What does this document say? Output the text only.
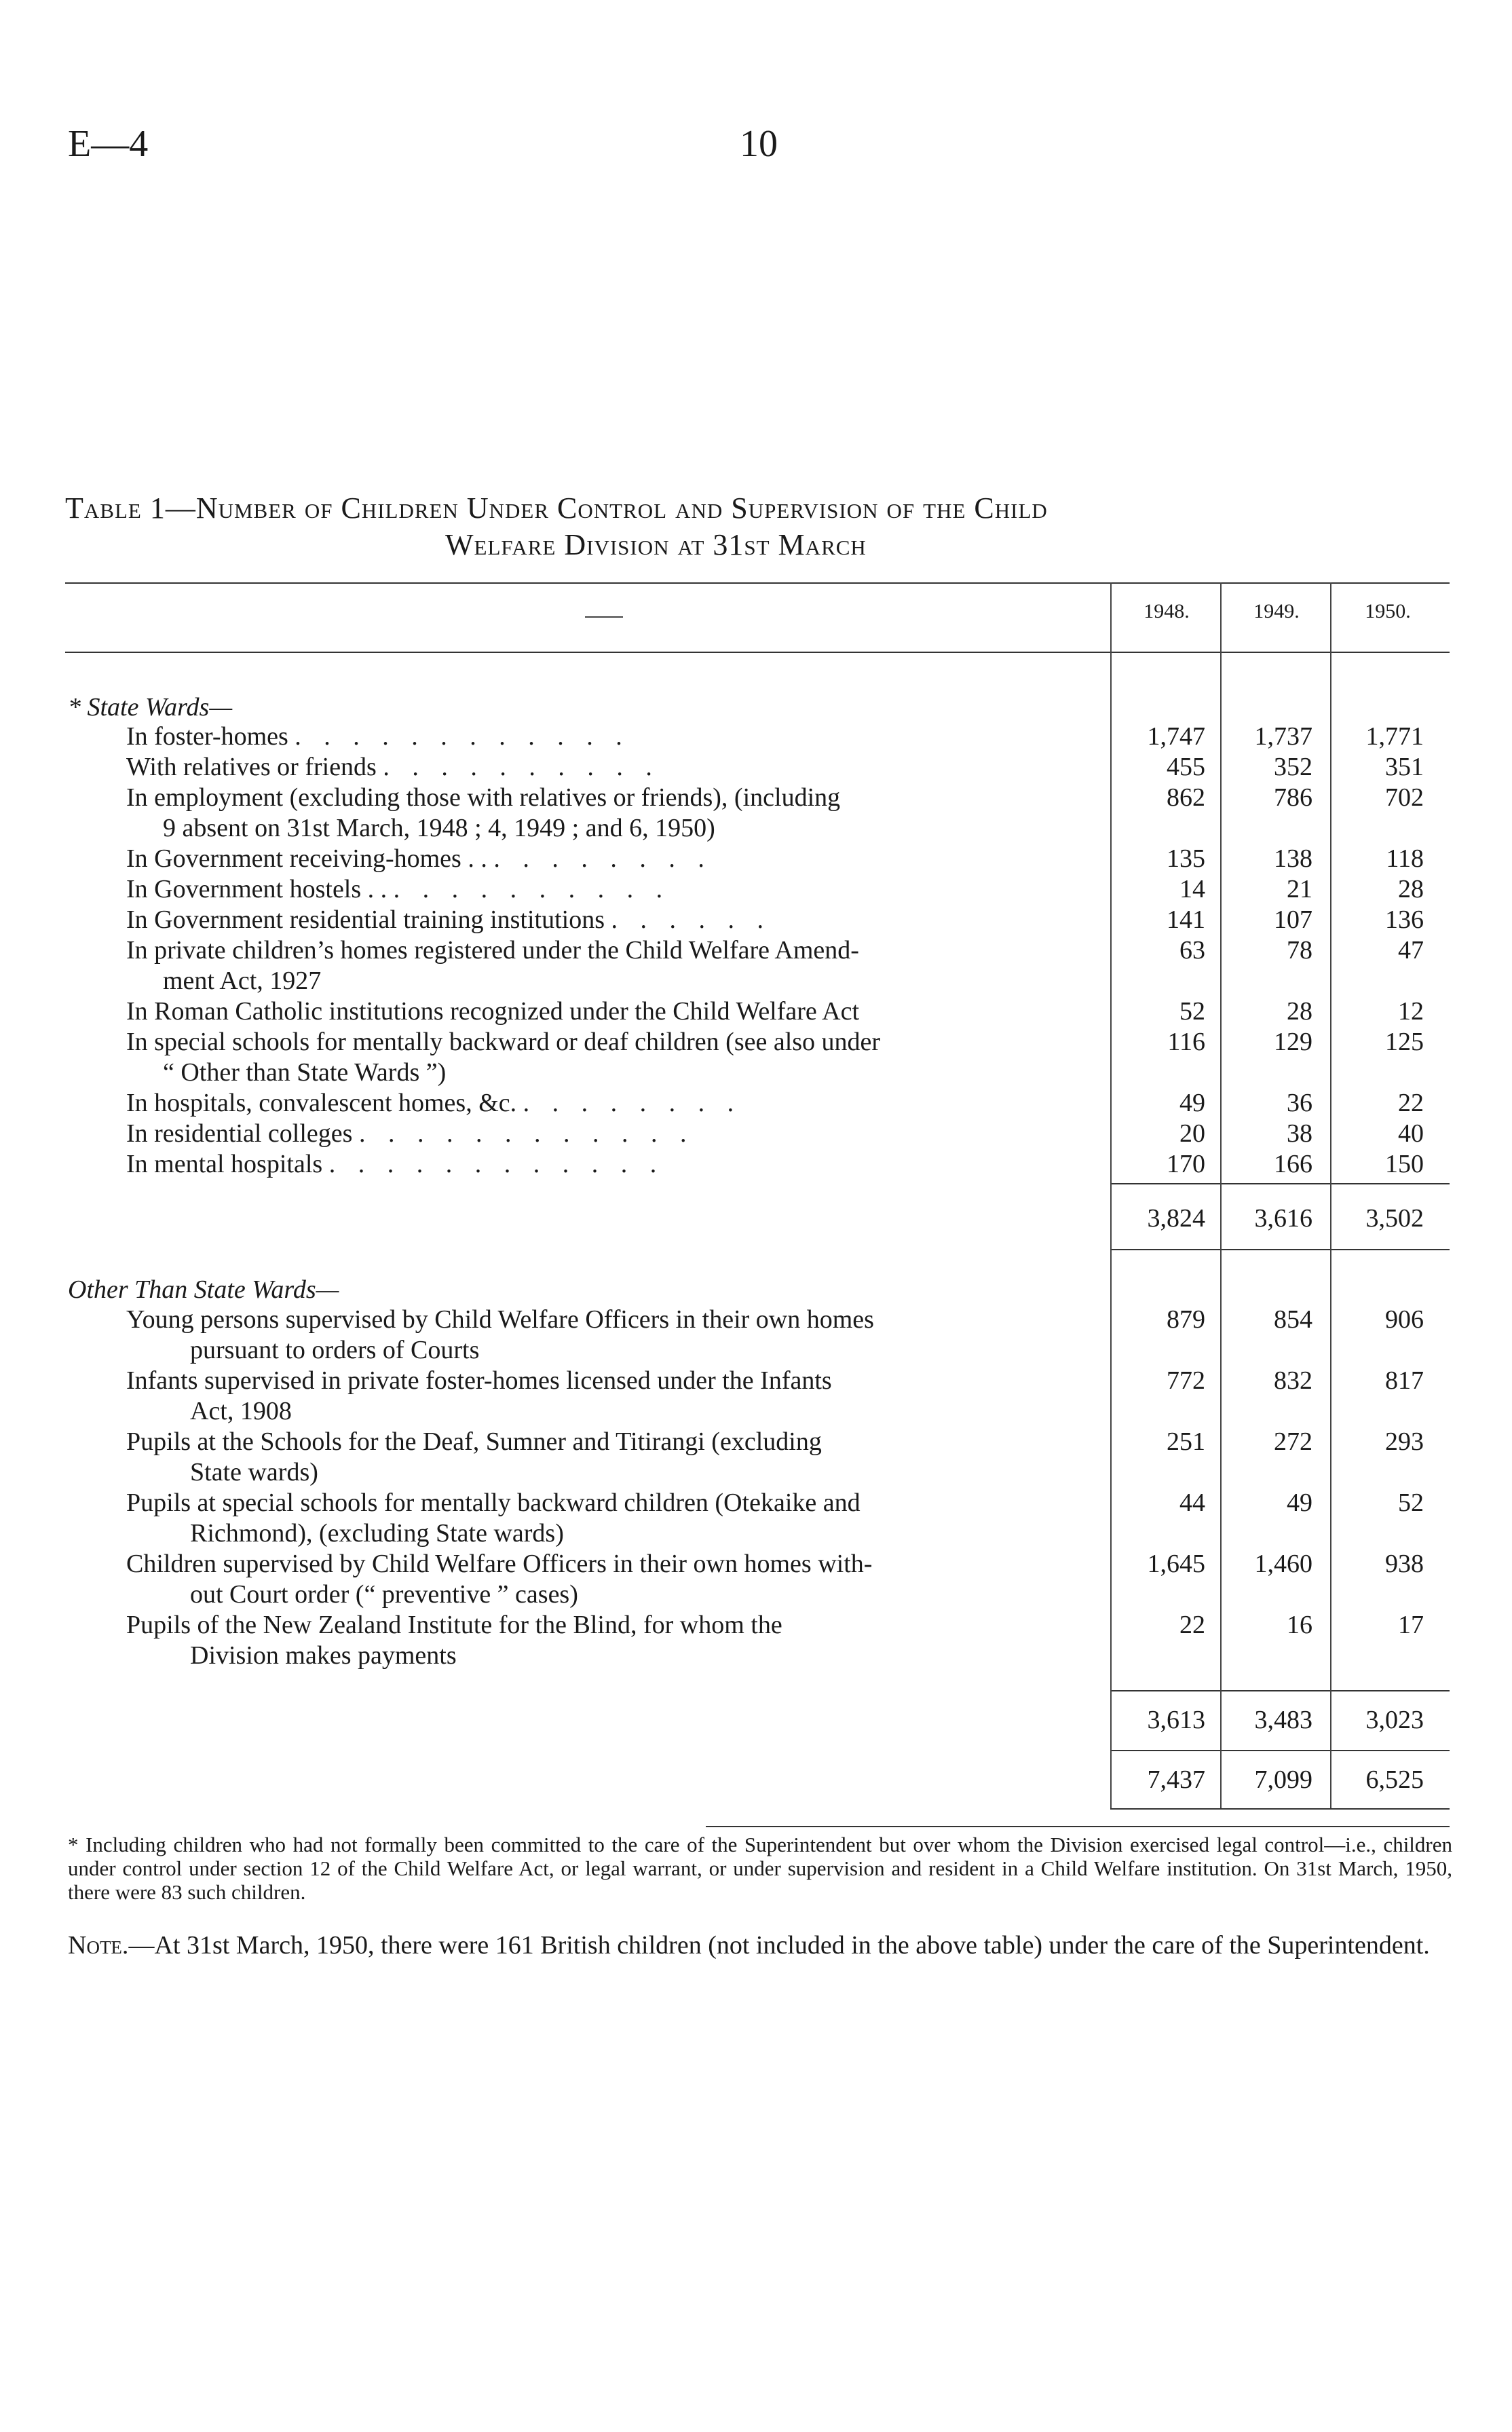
E—4	10
Table 1—Number of Children Under Control and Supervision of the Child
Welfare Division at 31st March
1948.	1949.	1950.
* State Wards—
In foster-homes . . . . . . . . . . . .	1,747	1,737	1,771
With relatives or friends . . . . . . . . . .	455	352	351
In employment (excluding those with relatives or friends), (including
9 absent on 31st March, 1948 ; 4, 1949 ; and 6, 1950)
862	786	702
In Government receiving-homes . . . . . . . . . .	135	138	118
In Government hostels . . . . . . . . . . . .	14	21	28
In Government residential training institutions . . . . . .	141	107	136
In private children’s homes registered under the Child Welfare Amend-
ment Act, 1927
63	78	47
In Roman Catholic institutions recognized under the Child Welfare Act	52	28	12
In special schools for mentally backward or deaf children (see also under
“ Other than State Wards ”)
116	129	125
In hospitals, convalescent homes, &c. . . . . . . . .	49	36	22
In residential colleges . . . . . . . . . . . .	20	38	40
In mental hospitals . . . . . . . . . . . .	170	166	150
3,824	3,616	3,502
Other Than State Wards—
Young persons supervised by Child Welfare Officers in their own homes
pursuant to orders of Courts
879	854	906
Infants supervised in private foster-homes licensed under the Infants
Act, 1908
772	832	817
Pupils at the Schools for the Deaf, Sumner and Titirangi (excluding
State wards)
251	272	293
Pupils at special schools for mentally backward children (Otekaike and
Richmond), (excluding State wards)
44	49	52
Children supervised by Child Welfare Officers in their own homes with-
out Court order (“ preventive ” cases)
1,645	1,460	938
Pupils of the New Zealand Institute for the Blind, for whom the
Division makes payments
22	16	17
3,613	3,483	3,023
7,437	7,099	6,525
* Including children who had not formally been committed to the care of the Superintendent but over whom the Division exercised legal control—i.e., children under control under section 12 of the Child Welfare Act, or legal warrant, or under supervision and resident in a Child Welfare institution. On 31st March, 1950, there were 83 such children.
Note.—At 31st March, 1950, there were 161 British children (not included in the above table) under the care of the Superintendent.
